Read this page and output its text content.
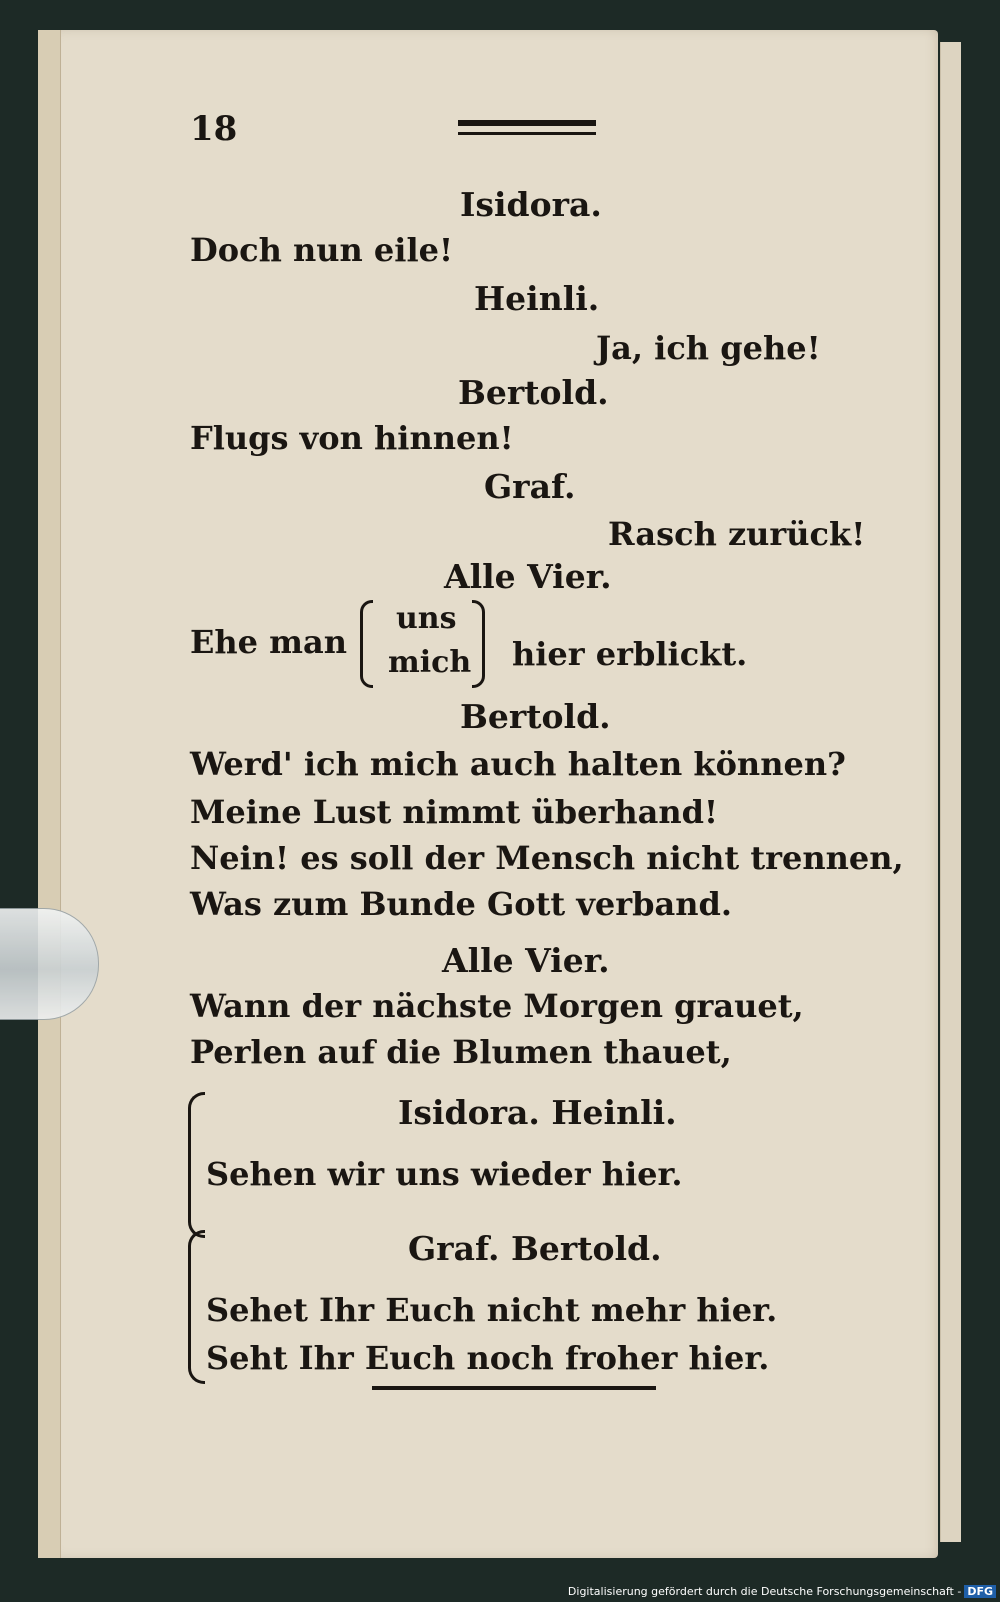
18
Isidora.
Doch nun eile!
Heinli.
Ja, ich gehe!
Bertold.
Flugs von hinnen!
Graf.
Rasch zurück!
Alle Vier.
Ehe man
uns
mich hier erblickt.
Bertold.
Werd' ich mich auch halten können?
Meine Lust nimmt überhand!
Nein! es soll der Mensch nicht trennen,
Was zum Bunde Gott verband.
Alle Vier.
Wann der nächste Morgen grauet,
Perlen auf die Blumen thauet,
Isidora. Heinli.
Sehen wir uns wieder hier.
Graf. Bertold.
Sehet Ihr Euch nicht mehr hier.
Seht Ihr Euch noch froher hier.
Digitalisierung gefördert durch die Deutsche Forschungsgemeinschaft - DFG
